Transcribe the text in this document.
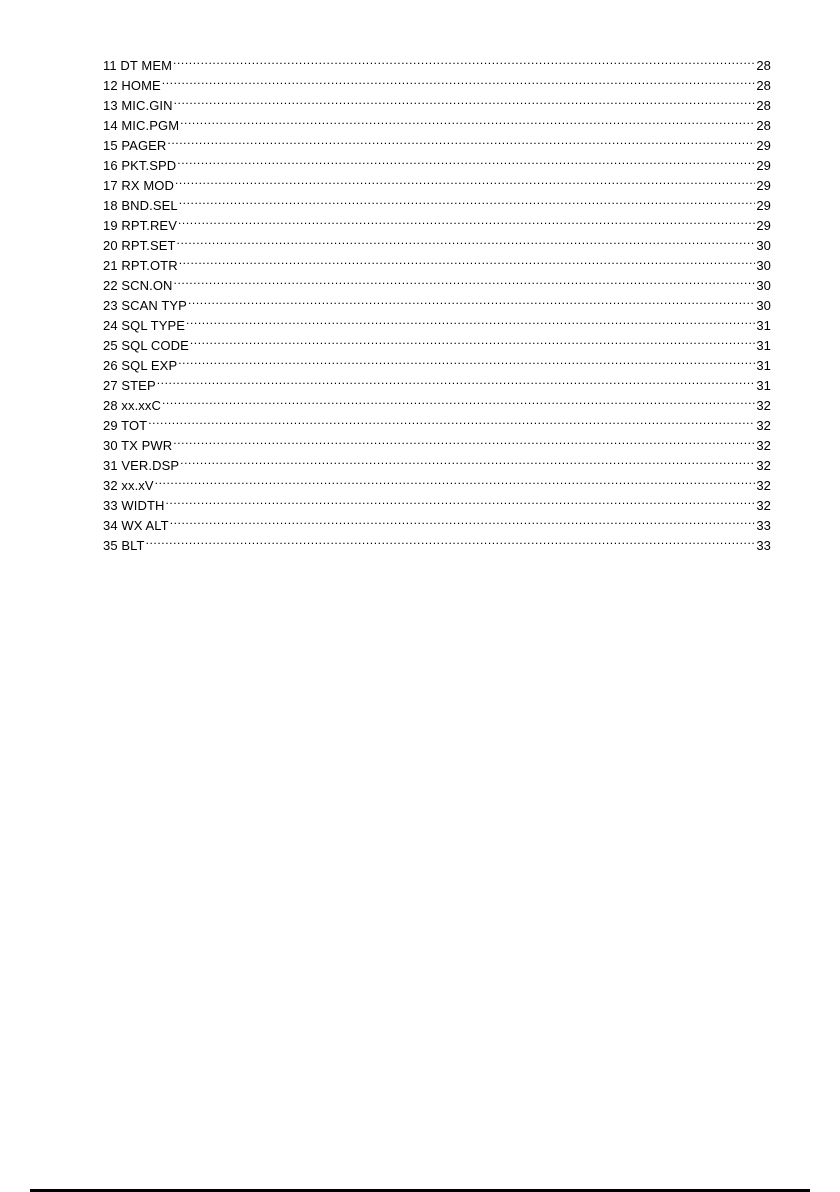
11 DT MEM .....	28
12 HOME .....	28
13 MIC.GIN .....	28
14 MIC.PGM .....	28
15 PAGER .....	29
16 PKT.SPD .....	29
17 RX MOD .....	29
18 BND.SEL .....	29
19 RPT.REV .....	29
20 RPT.SET .....	30
21 RPT.OTR .....	30
22 SCN.ON .....	30
23 SCAN TYP .....	30
24 SQL TYPE .....	31
25 SQL CODE .....	31
26 SQL EXP .....	31
27 STEP .....	31
28 xx.xxC .....	32
29 TOT .....	32
30 TX PWR .....	32
31 VER.DSP .....	32
32 xx.xV .....	32
33 WIDTH .....	32
34 WX ALT .....	33
35 BLT .....	33
